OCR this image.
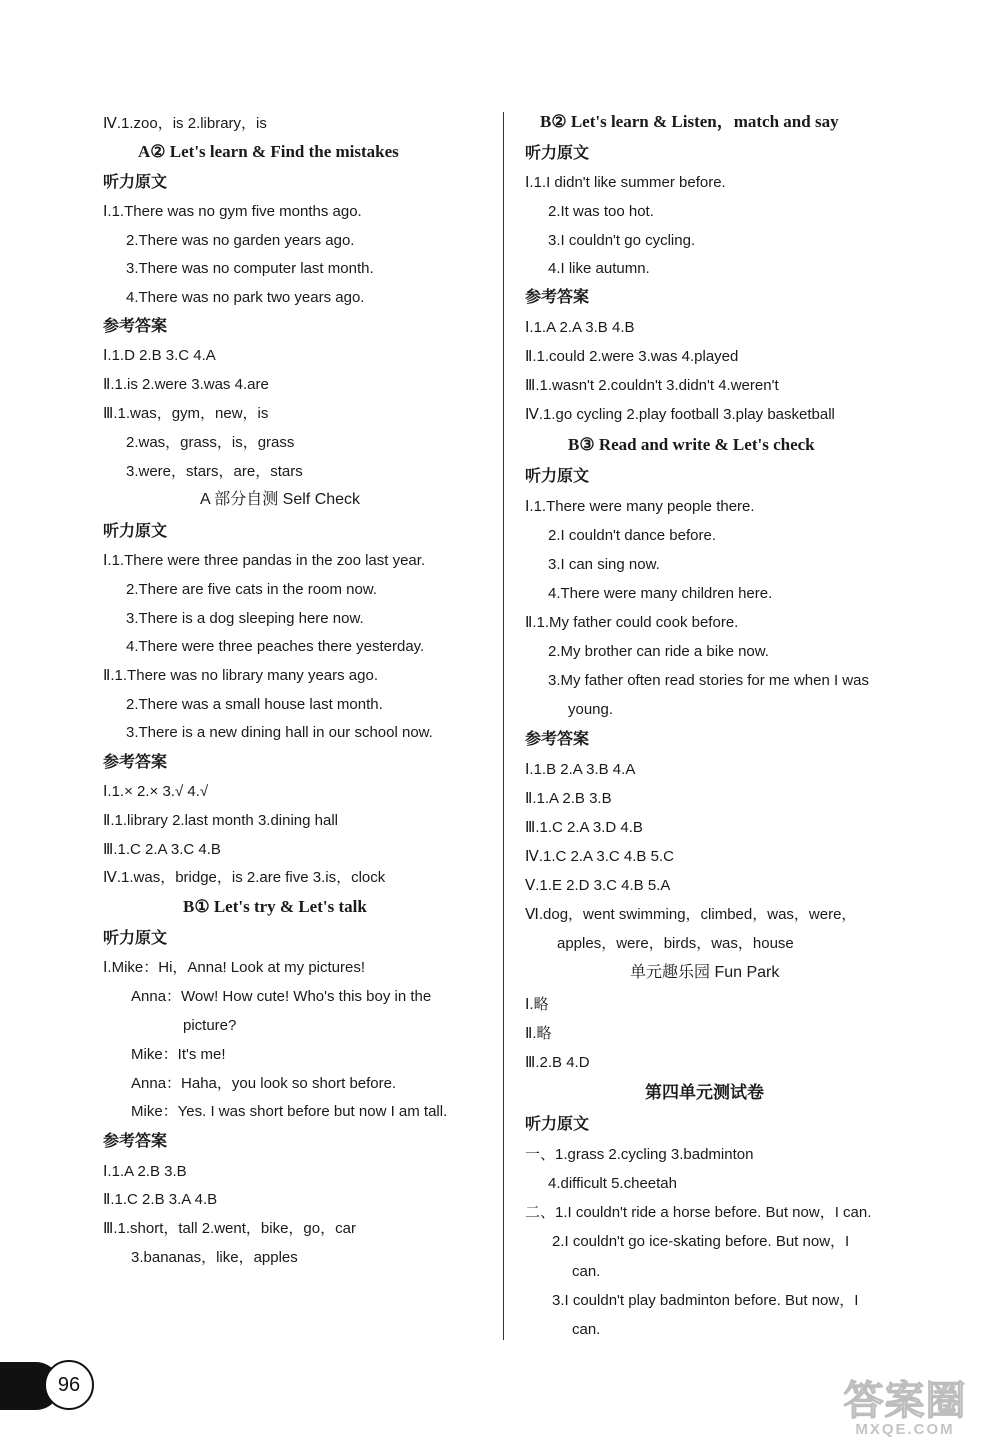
Ⅳ.1.zoo，is 2.library，is
A② Let's learn & Find the mistakes
听力原文
Ⅰ.1.There was no gym five months ago.
2.There was no garden years ago.
3.There was no computer last month.
4.There was no park two years ago.
参考答案
Ⅰ.1.D 2.B 3.C 4.A
Ⅱ.1.is 2.were 3.was 4.are
Ⅲ.1.was，gym，new，is
2.was，grass，is，grass
3.were，stars，are，stars
A 部分自测 Self Check
听力原文
Ⅰ.1.There were three pandas in the zoo last year.
2.There are five cats in the room now.
3.There is a dog sleeping here now.
4.There were three peaches there yesterday.
Ⅱ.1.There was no library many years ago.
2.There was a small house last month.
3.There is a new dining hall in our school now.
参考答案
Ⅰ.1.× 2.× 3.√ 4.√
Ⅱ.1.library 2.last month 3.dining hall
Ⅲ.1.C 2.A 3.C 4.B
Ⅳ.1.was，bridge，is 2.are five 3.is，clock
B① Let's try & Let's talk
听力原文
Ⅰ.Mike：Hi，Anna! Look at my pictures!
Anna：Wow! How cute! Who's this boy in the
picture?
Mike：It's me!
Anna：Haha，you look so short before.
Mike：Yes. I was short before but now I am tall.
参考答案
Ⅰ.1.A 2.B 3.B
Ⅱ.1.C 2.B 3.A 4.B
Ⅲ.1.short，tall 2.went，bike，go，car
3.bananas，like，apples
B② Let's learn & Listen，match and say
听力原文
Ⅰ.1.I didn't like summer before.
2.It was too hot.
3.I couldn't go cycling.
4.I like autumn.
参考答案
Ⅰ.1.A 2.A 3.B 4.B
Ⅱ.1.could 2.were 3.was 4.played
Ⅲ.1.wasn't 2.couldn't 3.didn't 4.weren't
Ⅳ.1.go cycling 2.play football 3.play basketball
B③ Read and write & Let's check
听力原文
Ⅰ.1.There were many people there.
2.I couldn't dance before.
3.I can sing now.
4.There were many children here.
Ⅱ.1.My father could cook before.
2.My brother can ride a bike now.
3.My father often read stories for me when I was
young.
参考答案
Ⅰ.1.B 2.A 3.B 4.A
Ⅱ.1.A 2.B 3.B
Ⅲ.1.C 2.A 3.D 4.B
Ⅳ.1.C 2.A 3.C 4.B 5.C
Ⅴ.1.E 2.D 3.C 4.B 5.A
Ⅵ.dog，went swimming，climbed，was，were，
apples，were，birds，was，house
单元趣乐园 Fun Park
Ⅰ.略
Ⅱ.略
Ⅲ.2.B 4.D
第四单元测试卷
听力原文
一、1.grass 2.cycling 3.badminton
4.difficult 5.cheetah
二、1.I couldn't ride a horse before. But now，I can.
2.I couldn't go ice-skating before. But now，I
can.
3.I couldn't play badminton before. But now，I
can.
96	答案圈
MXQE.COM
